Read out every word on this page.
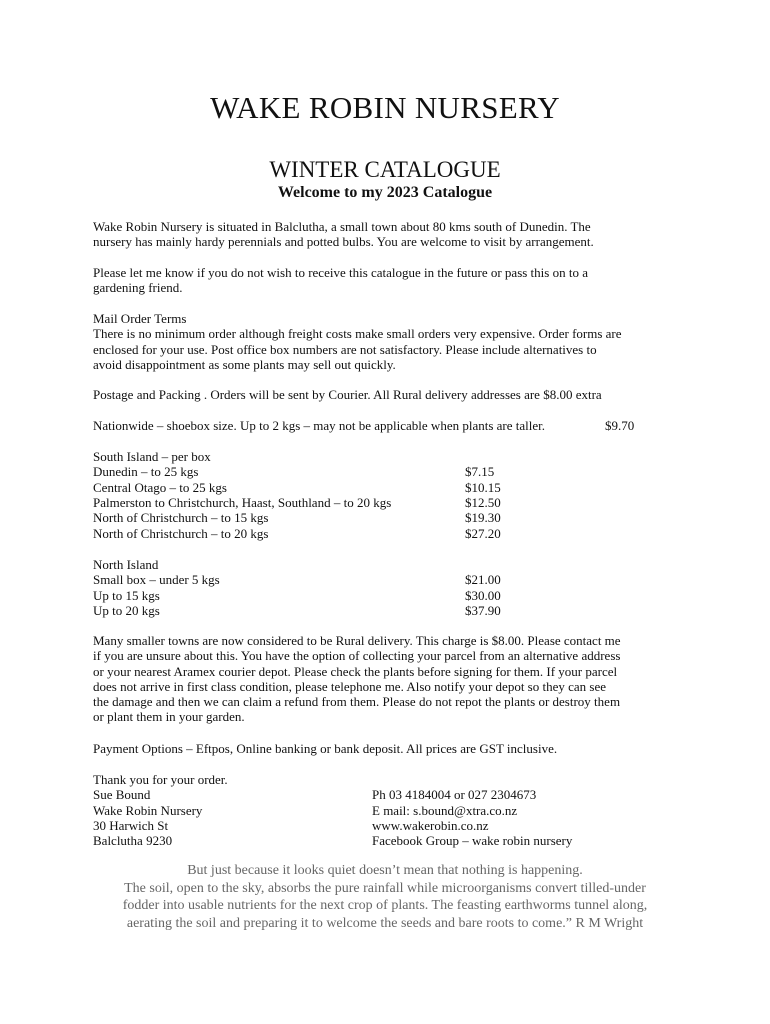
WAKE ROBIN NURSERY
WINTER CATALOGUE
Welcome to my 2023 Catalogue
Wake Robin Nursery is situated in Balclutha, a small town about 80 kms south of Dunedin. The
nursery has mainly hardy perennials and potted bulbs. You are welcome to visit by arrangement.
Please let me know if you do not wish to receive this catalogue in the future or pass this on to a
gardening friend.
Mail Order Terms
There is no minimum order although freight costs make small orders very expensive. Order forms are
enclosed for your use. Post office box numbers are not satisfactory. Please include alternatives to
avoid disappointment as some plants may sell out quickly.
Postage and Packing . Orders will be sent by Courier. All Rural delivery addresses are $8.00 extra
Nationwide – shoebox size. Up to 2 kgs – may not be applicable when plants are taller.	$9.70
South Island – per box
Dunedin – to 25 kgs	$7.15
Central Otago – to 25 kgs	$10.15
Palmerston to Christchurch, Haast, Southland – to 20 kgs	$12.50
North of Christchurch – to 15 kgs	$19.30
North of Christchurch – to 20 kgs	$27.20
North Island
Small box – under 5 kgs	$21.00
Up to 15 kgs	$30.00
Up to 20 kgs	$37.90
Many smaller towns are now considered to be Rural delivery. This charge is $8.00. Please contact me
if you are unsure about this. You have the option of collecting your parcel from an alternative address
or your nearest Aramex courier depot. Please check the plants before signing for them. If your parcel
does not arrive in first class condition, please telephone me. Also notify your depot so they can see
the damage and then we can claim a refund from them. Please do not repot the plants or destroy them
or plant them in your garden.
Payment Options – Eftpos, Online banking or bank deposit. All prices are GST inclusive.
Thank you for your order.
Sue Bound	Ph 03 4184004 or 027 2304673
Wake Robin Nursery	E mail: s.bound@xtra.co.nz
30 Harwich St	www.wakerobin.co.nz
Balclutha 9230	Facebook Group – wake robin nursery
But just because it looks quiet doesn’t mean that nothing is happening.
The soil, open to the sky, absorbs the pure rainfall while microorganisms convert tilled-under
fodder into usable nutrients for the next crop of plants. The feasting earthworms tunnel along,
aerating the soil and preparing it to welcome the seeds and bare roots to come.” R M Wright
